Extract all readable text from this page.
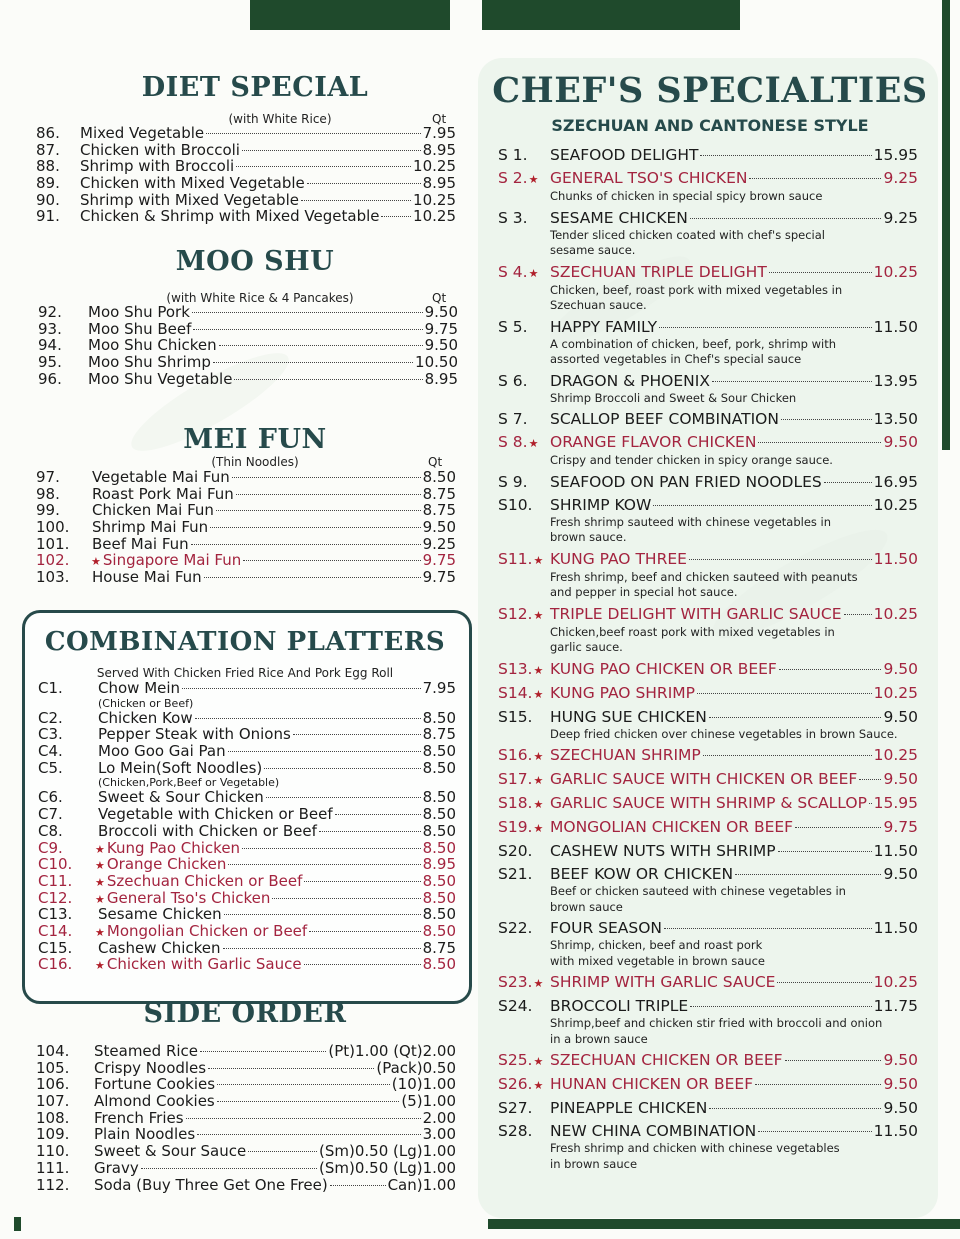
DIET SPECIAL
(with White Rice)	Qt
86.	Mixed Vegetable	7.95
87.	Chicken with Broccoli	8.95
88.	Shrimp with Broccoli	10.25
89.	Chicken with Mixed Vegetable	8.95
90.	Shrimp with Mixed Vegetable	10.25
91.	Chicken & Shrimp with Mixed Vegetable 10.25
MOO SHU
(with White Rice & 4 Pancakes)	Qt
92.	Moo Shu Pork	9.50
93.	Moo Shu Beef	9.75
94.	Moo Shu Chicken	9.50
95.	Moo Shu Shrimp	10.50
96.	Moo Shu Vegetable	8.95
MEI FUN
(Thin Noodles)	Qt
97.	Vegetable Mai Fun	8.50
98.	Roast Pork Mai Fun	8.75
99.	Chicken Mai Fun	8.75
100.	Shrimp Mai Fun	9.50
101.	Beef Mai Fun	9.25
102.	★ Singapore Mai Fun	9.75
103.	House Mai Fun	9.75
COMBINATION PLATTERS
Served With Chicken Fried Rice And Pork Egg Roll
C1.	Chow Mein	7.95
(Chicken or Beef)
C2.	Chicken Kow	8.50
C3.	Pepper Steak with Onions	8.75
C4.	Moo Goo Gai Pan	8.50
C5.	Lo Mein(Soft Noodles)	8.50
(Chicken,Pork,Beef or Vegetable)
C6.	Sweet & Sour Chicken	8.50
C7.	Vegetable with Chicken or Beef	8.50
C8.	Broccoli with Chicken or Beef	8.50
C9.	★ Kung Pao Chicken	8.50
C10.	★ Orange Chicken	8.95
C11.	★ Szechuan Chicken or Beef	8.50
C12.	★ General Tso's Chicken	8.50
C13.	Sesame Chicken	8.50
C14.	★ Mongolian Chicken or Beef	8.50
C15.	Cashew Chicken	8.75
C16.	★ Chicken with Garlic Sauce	8.50
SIDE ORDER
104.	Steamed Rice	(Pt)1.00 (Qt)2.00
105.	Crispy Noodles	(Pack)0.50
106.	Fortune Cookies	(10)1.00
107.	Almond Cookies	(5)1.00
108.	French Fries	2.00
109.	Plain Noodles	3.00
110.	Sweet & Sour Sauce	(Sm)0.50 (Lg)1.00
111.	Gravy	(Sm)0.50 (Lg)1.00
112.	Soda (Buy Three Get One Free)	Can)1.00
CHEF'S SPECIALTIES
SZECHUAN AND CANTONESE STYLE
S 1.	SEAFOOD DELIGHT	15.95
S 2.★ GENERAL TSO'S CHICKEN	9.25
Chunks of chicken in special spicy brown sauce
S 3.	SESAME CHICKEN	9.25
Tender sliced chicken coated with chef's special
sesame sauce.
S 4.★ SZECHUAN TRIPLE DELIGHT	10.25
Chicken, beef, roast pork with mixed vegetables in
Szechuan sauce.
S 5.	HAPPY FAMILY	11.50
A combination of chicken, beef, pork, shrimp with
assorted vegetables in Chef's special sauce
S 6.	DRAGON & PHOENIX	13.95
Shrimp Broccoli and Sweet & Sour Chicken
S 7.	SCALLOP BEEF COMBINATION	13.50
S 8.★ ORANGE FLAVOR CHICKEN	9.50
Crispy and tender chicken in spicy orange sauce.
S 9.	SEAFOOD ON PAN FRIED NOODLES	16.95
S10.	SHRIMP KOW	10.25
Fresh shrimp sauteed with chinese vegetables in
brown sauce.
S11.★ KUNG PAO THREE	11.50
Fresh shrimp, beef and chicken sauteed with peanuts
and pepper in special hot sauce.
S12.★ TRIPLE DELIGHT WITH GARLIC SAUCE 10.25
Chicken,beef roast pork with mixed vegetables in
garlic sauce.
S13.★ KUNG PAO CHICKEN OR BEEF	9.50
S14.★ KUNG PAO SHRIMP	10.25
S15.	HUNG SUE CHICKEN	9.50
Deep fried chicken over chinese vegetables in brown Sauce.
S16.★ SZECHUAN SHRIMP	10.25
S17.★ GARLIC SAUCE WITH CHICKEN OR BEEF 9.50
S18.★ GARLIC SAUCE WITH SHRIMP & SCALLOP 15.95
S19.★ MONGOLIAN CHICKEN OR BEEF	9.75
S20.	CASHEW NUTS WITH SHRIMP	11.50
S21.	BEEF KOW OR CHICKEN	9.50
Beef or chicken sauteed with chinese vegetables in
brown sauce
S22.	FOUR SEASON	11.50
Shrimp, chicken, beef and roast pork
with mixed vegetable in brown sauce
S23.★ SHRIMP WITH GARLIC SAUCE	10.25
S24.	BROCCOLI TRIPLE	11.75
Shrimp,beef and chicken stir fried with broccoli and onion
in a brown sauce
S25.★ SZECHUAN CHICKEN OR BEEF	9.50
S26.★ HUNAN CHICKEN OR BEEF	9.50
S27.	PINEAPPLE CHICKEN	9.50
S28.	NEW CHINA COMBINATION	11.50
Fresh shrimp and chicken with chinese vegetables
in brown sauce
